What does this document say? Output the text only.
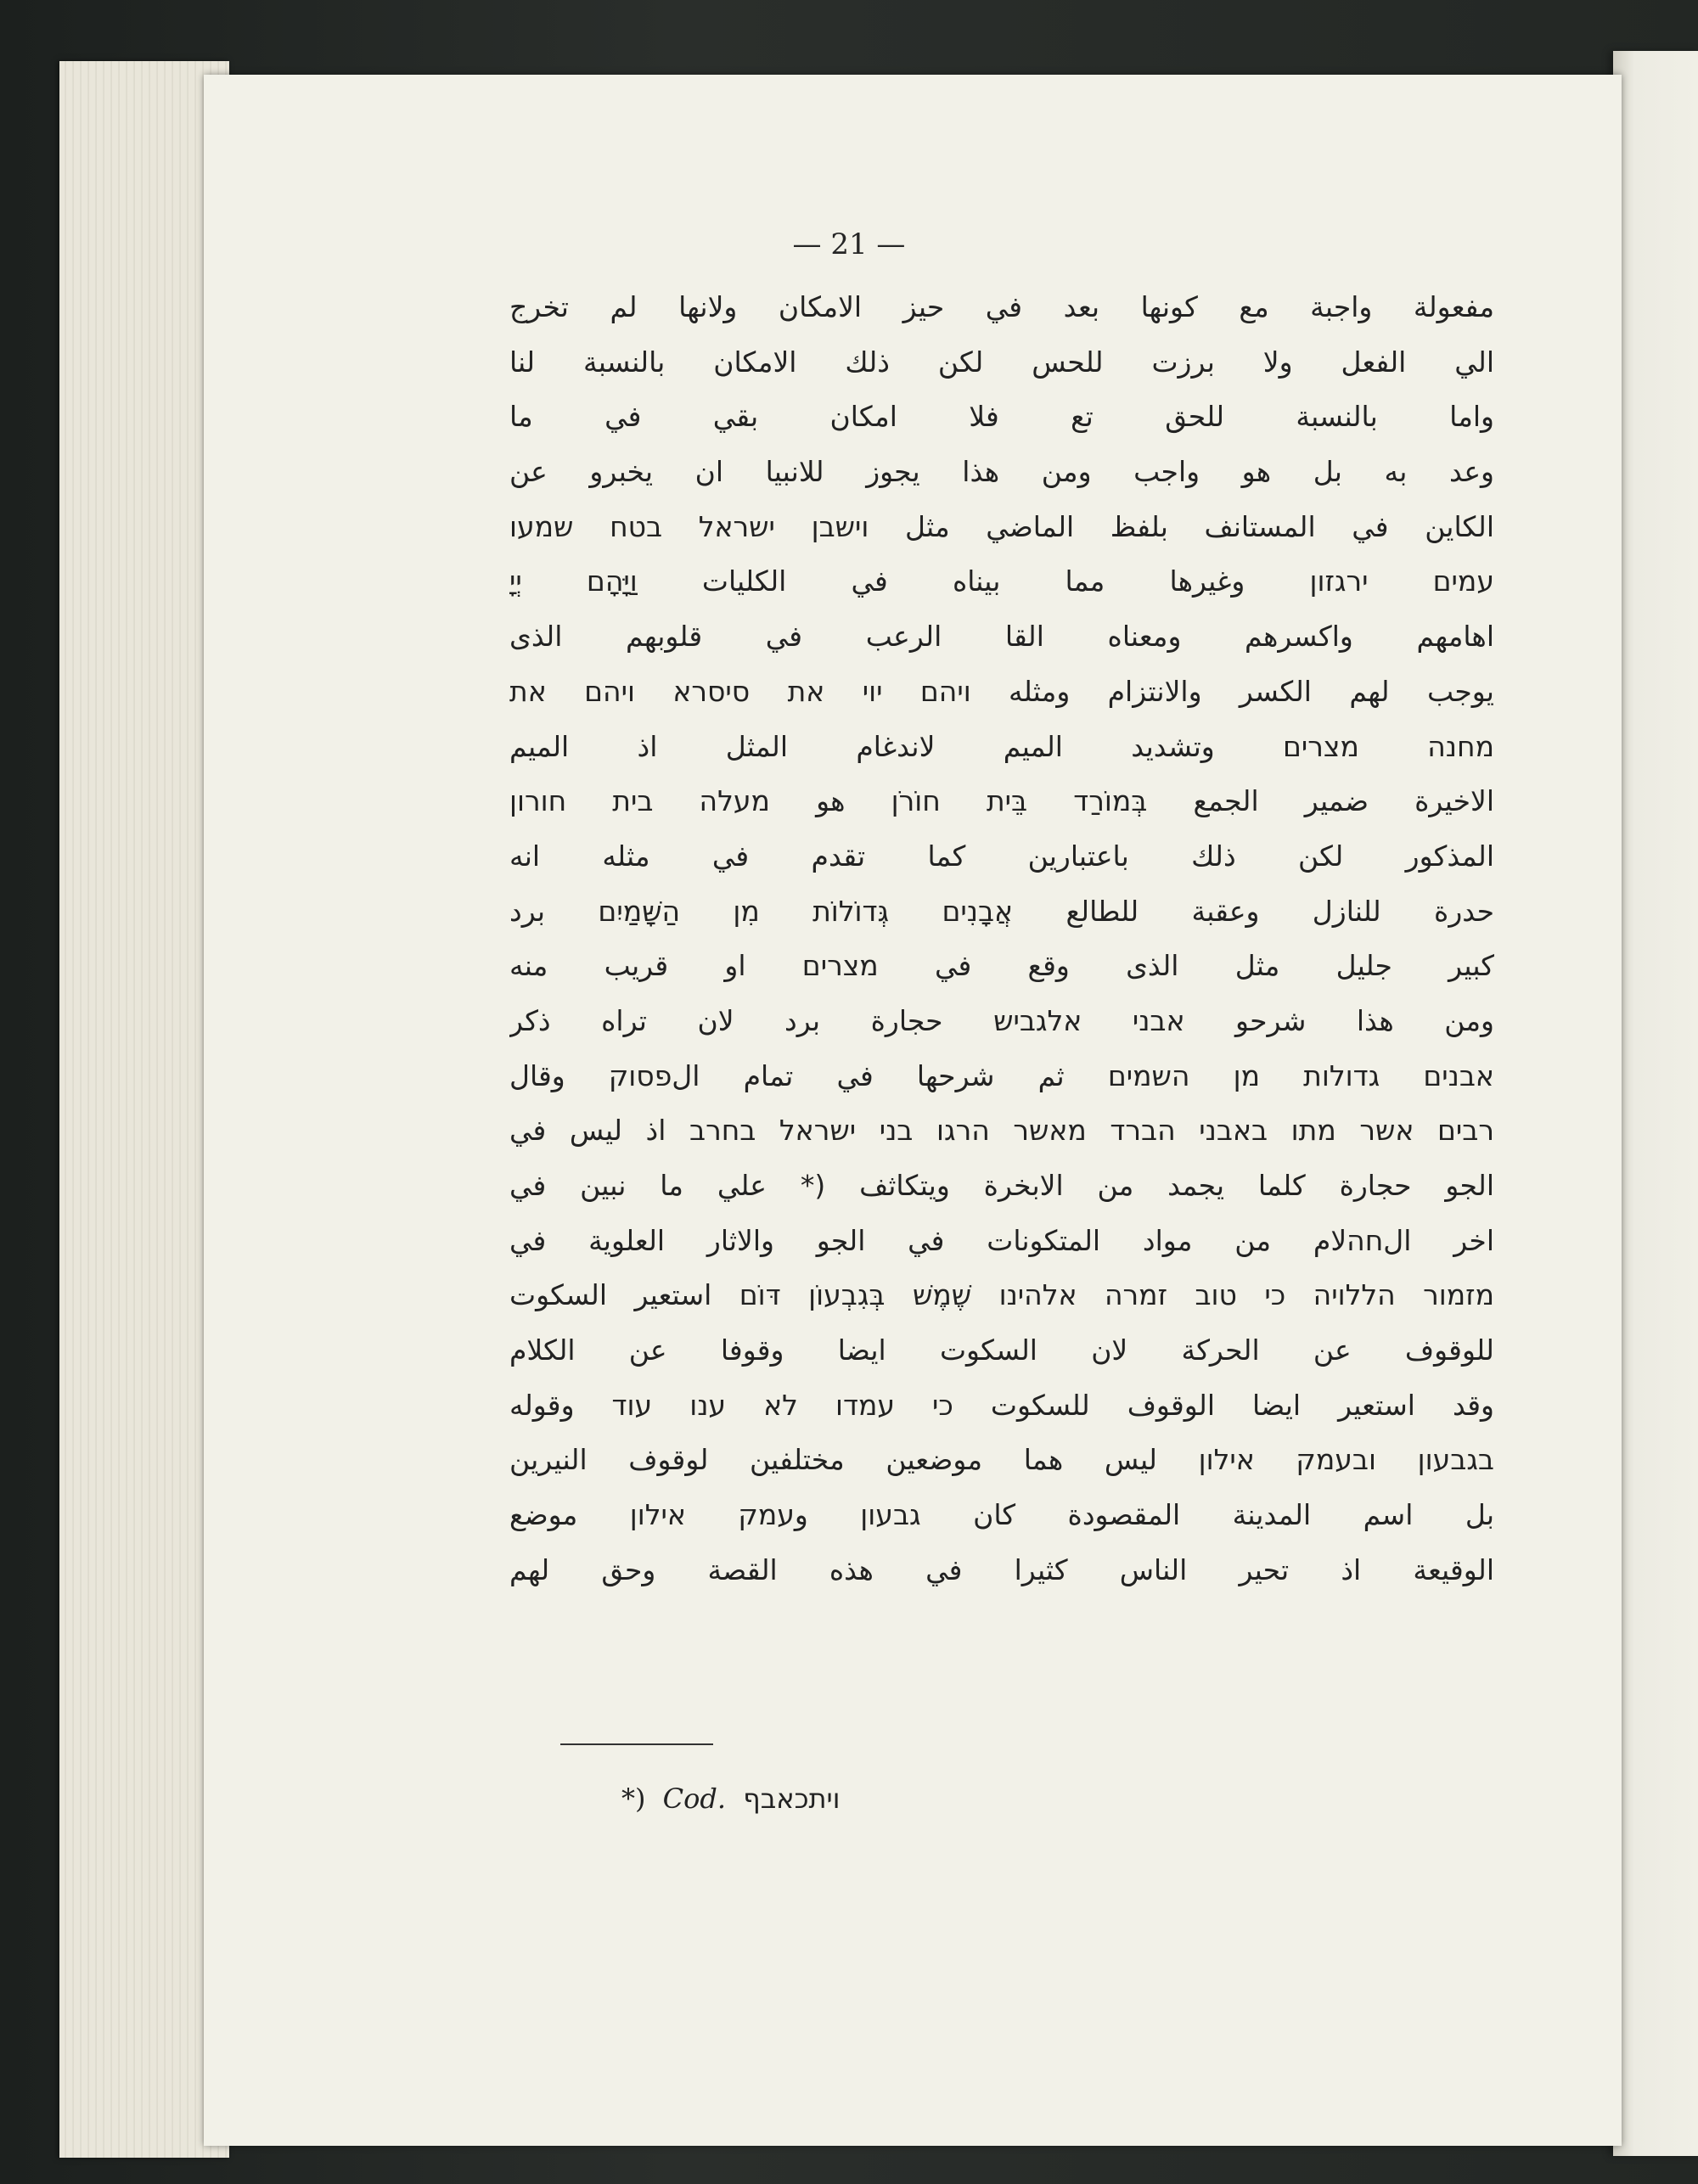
— 21 —
مفعولة واجبة مع كونها بعد في حيز الامكان ولانها لم تخرج
الي الفعل ولا برزت للحس لكن ذلك الامكان بالنسبة لنا
واما بالنسبة للحق تع فلا امكان بقي في ما
وعد به بل هو واجب ومن هذا يجوز للانبيا ان يخبرو عن
الكاين في المستانف بلفظ الماضي مثل וישבן ישראל בטח שמעו
עמים ירגזון وغيرها مما بيناه في الكليات וַיָּהָם יְיָ
اهامهم واكسرهم ومعناه القا الرعب في قلوبهم الذى
يوجب لهم الكسر والانتزام ومثله ויהם יוי את סיסרא ויהם את
מחנה מצרים وتشديد الميم لاندغام المثل اذ الميم
الاخيرة ضمير الجمع בְּמוֹרַד בֵּית חוֹרֹן هو מעלה בית חורון
المذكور لكن ذلك باعتبارين كما تقدم في مثله انه
حدرة للنازل وعقبة للطالع אֲבָנִים גְּדוֹלוֹת מִן הַשָּׁמַיִם برد
كبير جليل مثل الذى وقع في מצרים او قريب منه
ومن هذا شرحو אבני אלגביש حجارة برد لان تراه ذكر
אבנים גדולות מן השמים ثم شرحها في تمام الפסוק وقال
רבים אשר מתו באבני הברד מאשר הרגו בני ישראל בחרב اذ ليس في
الجو حجارة كلما يجمد من الابخرة ويتكاثف (* علي ما نبين في
اخر الחהلام من مواد المتكونات في الجو والاثار العلوية في
מזמור הללויה כי טוב זמרה אלהינו שֶׁמֶשׁ בְּגִבְעוֹן דּוֹם استعير السكوت
للوقوف عن الحركة لان السكوت ايضا وقوفا عن الكلام
وقد استعير ايضا الوقوف للسكوت כי עמדו לא ענו עוד وقوله
בגבעון ובעמק אילון ليس هما موضعين مختلفين لوقوف النيرين
بل اسم المدينة المقصودة كان גבעון وעמק אילון موضع
الوقيعة اذ تحير الناس كثيرا في هذه القصة وحق لهم
*) Cod. ויתכאבף
